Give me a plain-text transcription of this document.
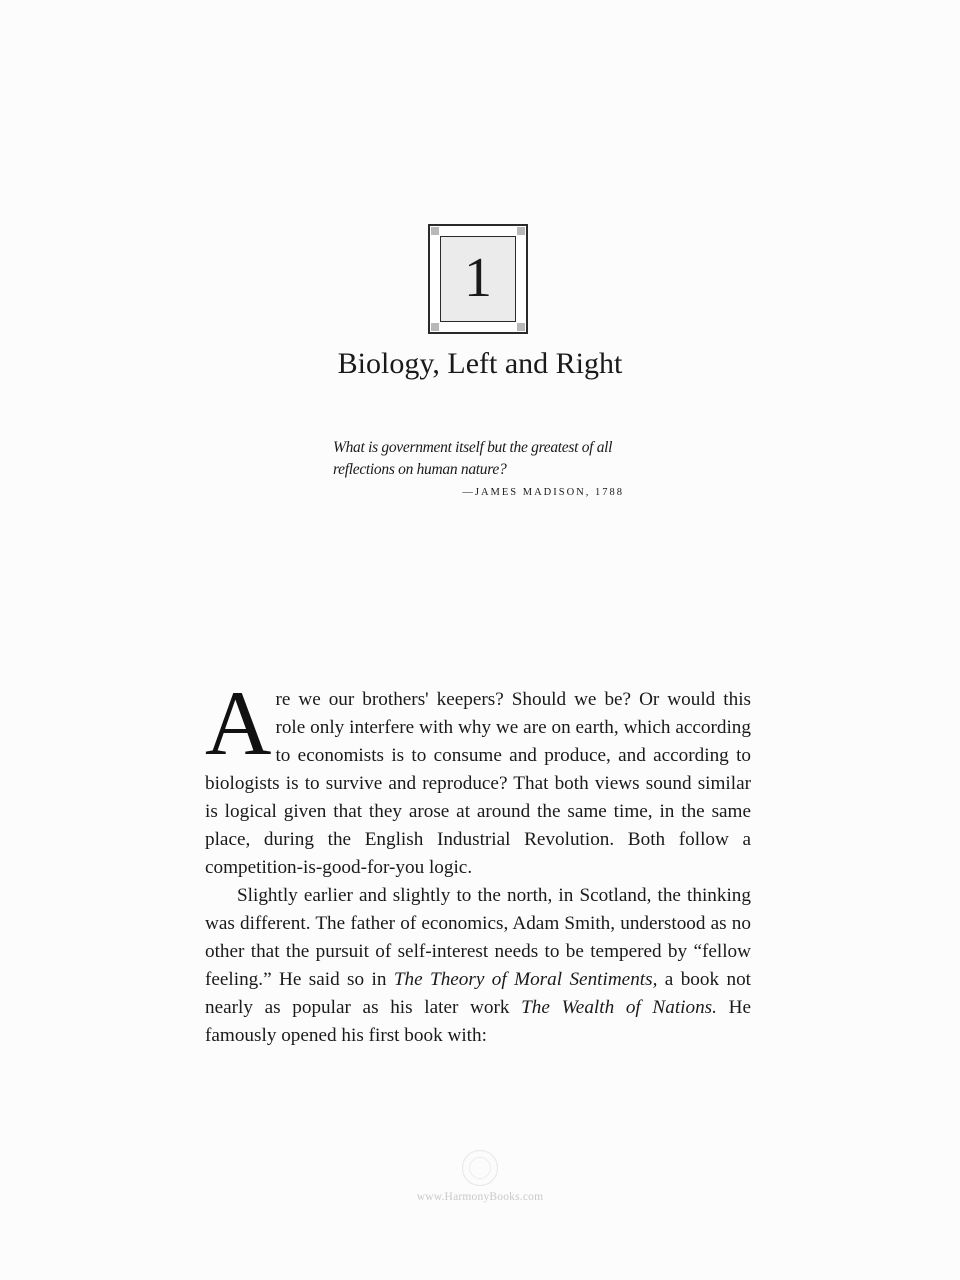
1
Biology, Left and Right
What is government itself but the greatest of all reflections on human nature?
—JAMES MADISON, 1788

Are we our brothers' keepers? Should we be? Or would this role only interfere with why we are on earth, which according to economists is to consume and produce, and according to biologists is to survive and reproduce? That both views sound similar is logical given that they arose at around the same time, in the same place, during the English Industrial Revolution. Both follow a competition-is-good-for-you logic.

Slightly earlier and slightly to the north, in Scotland, the thinking was different. The father of economics, Adam Smith, understood as no other that the pursuit of self-interest needs to be tempered by “fellow feeling.” He said so in The Theory of Moral Sentiments, a book not nearly as popular as his later work The Wealth of Nations. He famously opened his first book with:

www.HarmonyBooks.com
